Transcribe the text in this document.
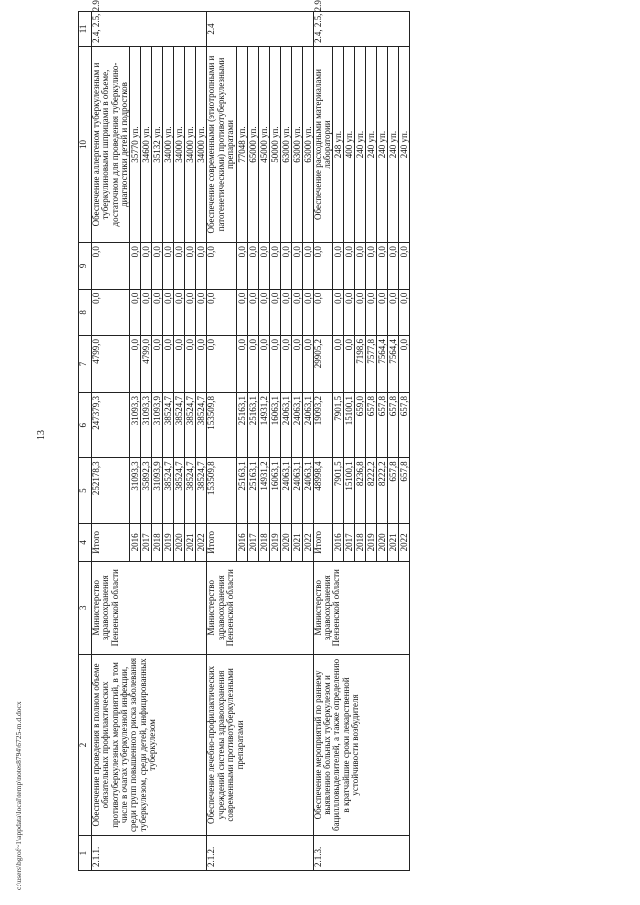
13
1	2	3	4	5	6	7	8	9	10	11
2.1.1.	Обеспечение проведения в полном объеме обязательных профилактических противотуберкулезных мероприятий, в том числе в очагах туберкулезной инфекции, среди групп повышенного риска заболевания туберкулезом, среди детей, инфицированных туберкулезом	Министерство здравоохранения Пензенской области	Итого	252178,3	247379,3	4799,0	0,0	0,0	Обеспечение аллергеном туберкулезным и туберкулиновыми шприцами в объеме, достаточном для проведения туберкулино-диагностики детей и подростков	2.4, 2.5, 2.9
			2016	31093,3	31093,3	0,0	0,0	0,0	35770 уп.	
			2017	35892,3	31093,3	4799,0	0,0	0,0	34600 уп.	
			2018	31093,9	31093,9	0,0	0,0	0,0	35132 уп.	
			2019	38524,7	38524,7	0,0	0,0	0,0	34000 уп.	
			2020	38524,7	38524,7	0,0	0,0	0,0	34000 уп.	
			2021	38524,7	38524,7	0,0	0,0	0,0	34000 уп.	
			2022	38524,7	38524,7	0,0	0,0	0,0	34000 уп.	
2.1.2.	Обеспечение лечебно-профилактических учреждений системы здравоохранения современными противотуберкулезными препаратами	Министерство здравоохранения Пензенской области	Итого	153509,8	153509,8	0,0	0,0	0,0	Обеспечение современными (этиотропными и патогенетическими) противотуберкулезными препаратами	2.4
			2016	25163,1	25163,1	0,0	0,0	0,0	77048 уп.	
			2017	25163,1	25163,1	0,0	0,0	0,0	65000 уп.	
			2018	14931,2	14931,2	0,0	0,0	0,0	45000 уп.	
			2019	16063,1	16063,1	0,0	0,0	0,0	50000 уп.	
			2020	24063,1	24063,1	0,0	0,0	0,0	63000 уп.	
			2021	24063,1	24063,1	0,0	0,0	0,0	63000 уп.	
			2022	24063,1	24063,1	0,0	0,0	0,0	63000 уп.	
2.1.3.	Обеспечение мероприятий по раннему выявлению больных туберкулезом и бациллловыделителей, а также определению в кратчайшие сроки лекарственной устойчивости возбудителя	Министерство здравоохранения Пензенской области	Итого	48998,4	19093,2	29905,2	0,0	0,0	Обеспечение расходными материалами лаборатории	2.4, 2.5, 2.9
			2016	7901,5	7901,5	0,0	0,0	0,0	248 уп.	
			2017	15100,1	15100,1	0,0	0,0	0,0	400 уп.	
			2018	8236,8	659,0	7198,6	0,0	0,0	240 уп.	
			2019	8222,2	657,8	7577,8	0,0	0,0	240 уп.	
			2020	8222,2	657,8	7564,4	0,0	0,0	240 уп.	
			2021	657,8	657,8	7564,4	0,0	0,0	240 уп.	
			2022	657,8	657,8	0,0	0,0	0,0	240 уп.	
c:\users\bgrof~1\appdata\local\temp\notes8794\6725-m.d.docx
